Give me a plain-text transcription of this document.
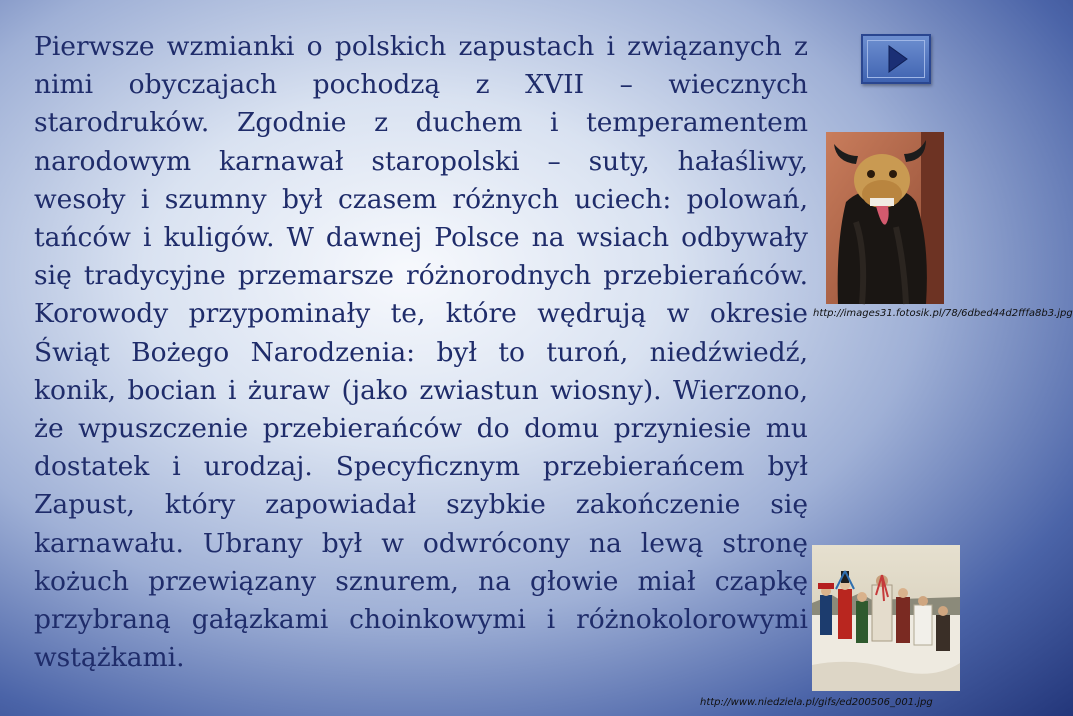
Pierwsze wzmianki o polskich zapustach i związanych z nimi obyczajach pochodzą z XVII – wiecznych starodruków. Zgodnie z duchem i temperamentem narodowym karnawał staropolski – suty, hałaśliwy, wesoły i szumny był czasem różnych uciech: polowań, tańców i kuligów. W dawnej Polsce na wsiach odbywały się tradycyjne przemarsze różnorodnych przebierańców. Korowody przypominały te, które wędrują w okresie Świąt Bożego Narodzenia: był to turoń, niedźwiedź, konik, bocian i żuraw (jako zwiastun wiosny). Wierzono, że wpuszczenie przebierańców do domu przyniesie mu dostatek i urodzaj. Specyficznym przebierańcem był Zapust, który zapowiadał szybkie zakończenie się karnawału. Ubrany był w odwrócony na lewą stronę kożuch przewiązany sznurem, na głowie miał czapkę przybraną gałązkami choinkowymi i różnokolorowymi wstążkami.

http://images31.fotosik.pl/78/6dbed44d2fffa8b3.jpg

http://www.niedziela.pl/gifs/ed200506_001.jpg
